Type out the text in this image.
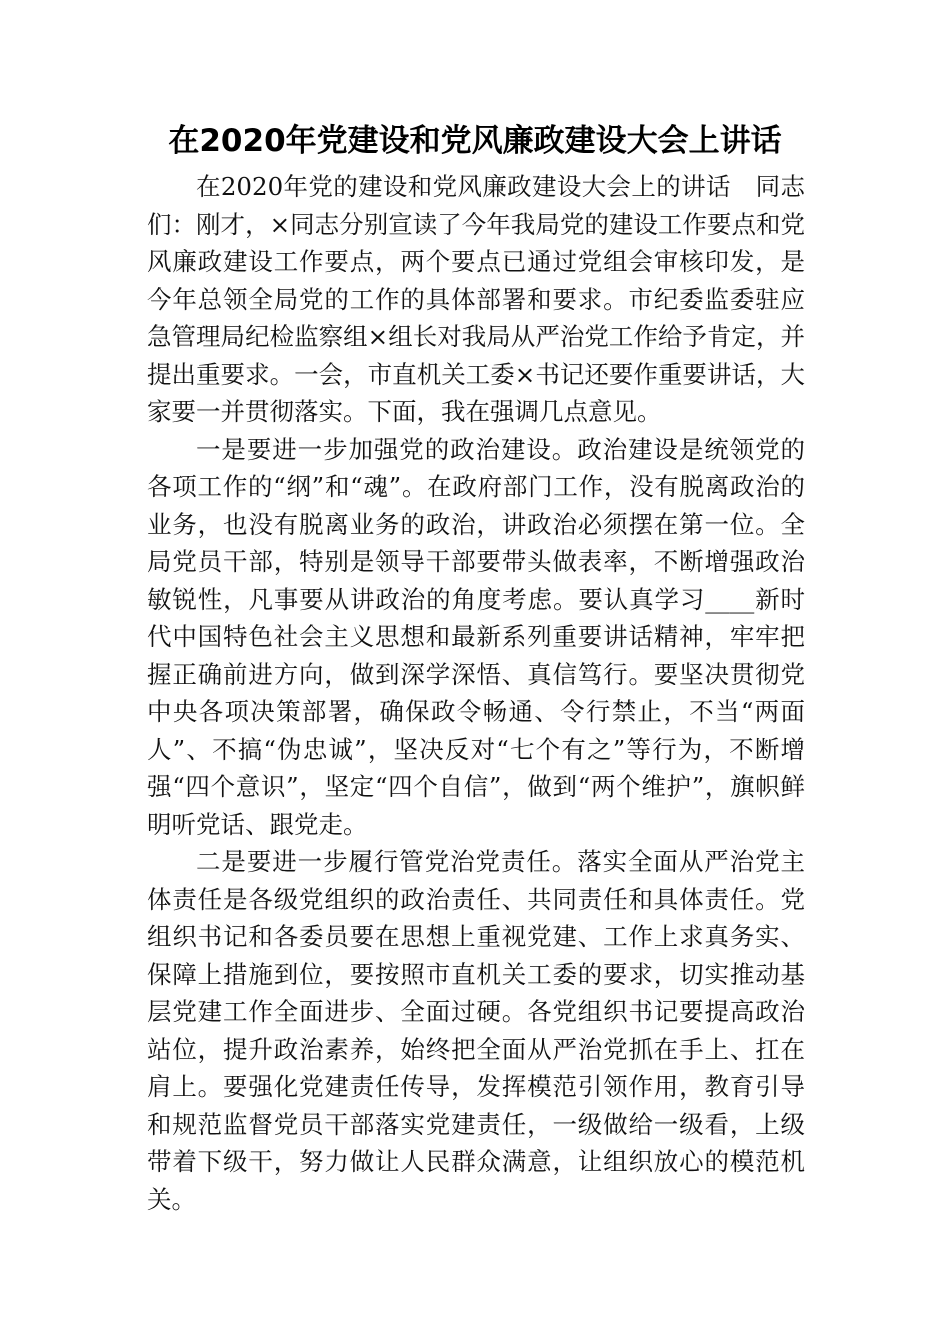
在2020年党建设和党风廉政建设大会上讲话

在2020年党的建设和党风廉政建设大会上的讲话　同志们：刚才，×同志分别宣读了今年我局党的建设工作要点和党风廉政建设工作要点，两个要点已通过党组会审核印发，是今年总领全局党的工作的具体部署和要求。市纪委监委驻应急管理局纪检监察组×组长对我局从严治党工作给予肯定，并提出重要求。一会，市直机关工委×书记还要作重要讲话，大家要一并贯彻落实。下面，我在强调几点意见。

一是要进一步加强党的政治建设。政治建设是统领党的各项工作的“纲”和“魂”。在政府部门工作，没有脱离政治的业务，也没有脱离业务的政治，讲政治必须摆在第一位。全局党员干部，特别是领导干部要带头做表率，不断增强政治敏锐性，凡事要从讲政治的角度考虑。要认真学习____新时代中国特色社会主义思想和最新系列重要讲话精神，牢牢把握正确前进方向，做到深学深悟、真信笃行。要坚决贯彻党中央各项决策部署，确保政令畅通、令行禁止，不当“两面人”、不搞“伪忠诚”，坚决反对“七个有之”等行为，不断增强“四个意识”，坚定“四个自信”，做到“两个维护”，旗帜鲜明听党话、跟党走。

二是要进一步履行管党治党责任。落实全面从严治党主体责任是各级党组织的政治责任、共同责任和具体责任。党组织书记和各委员要在思想上重视党建、工作上求真务实、保障上措施到位，要按照市直机关工委的要求，切实推动基层党建工作全面进步、全面过硬。各党组织书记要提高政治站位，提升政治素养，始终把全面从严治党抓在手上、扛在肩上。要强化党建责任传导，发挥模范引领作用，教育引导和规范监督党员干部落实党建责任，一级做给一级看，上级带着下级干，努力做让人民群众满意，让组织放心的模范机关。
